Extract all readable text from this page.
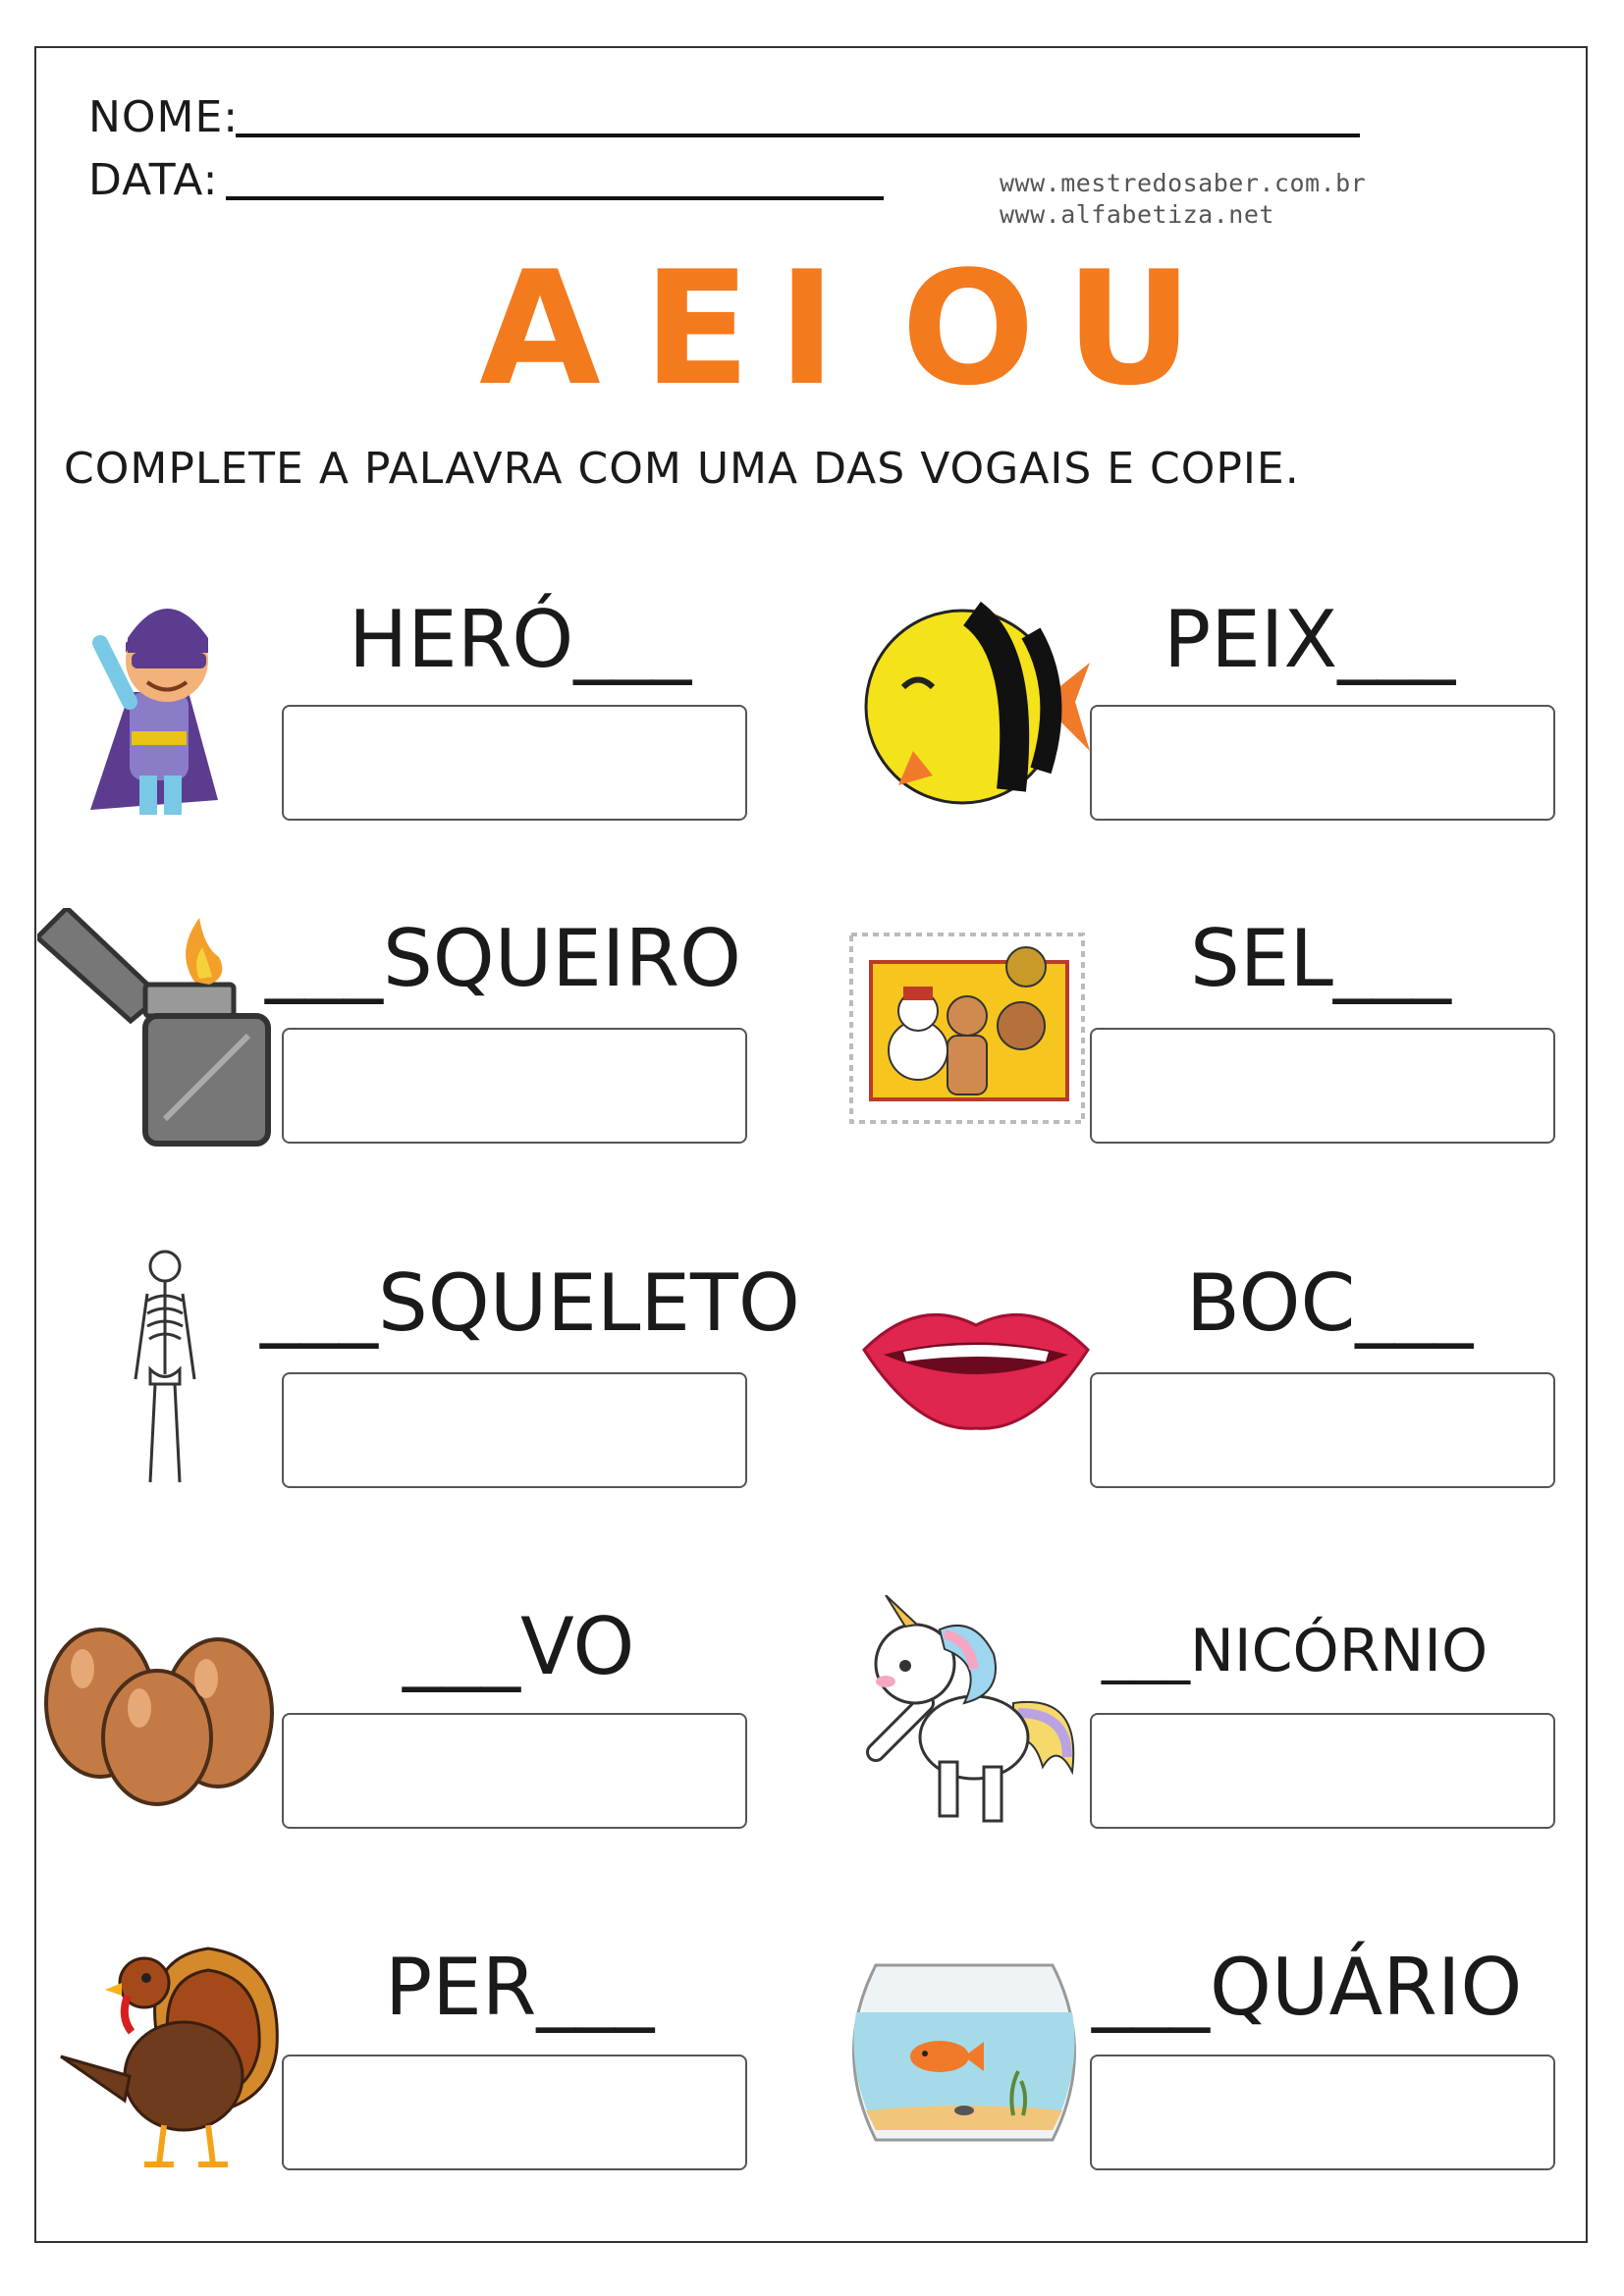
NOME:
DATA:	www.mestredosaber.com.br
www.alfabetiza.net
A E I O U
COMPLETE A PALAVRA COM UMA DAS VOGAIS E COPIE.
HERÓ___	PEIX___
___SQUEIRO	SEL___
___SQUELETO	BOC___
___VO	___NICÓRNIO
PER___	___QUÁRIO
